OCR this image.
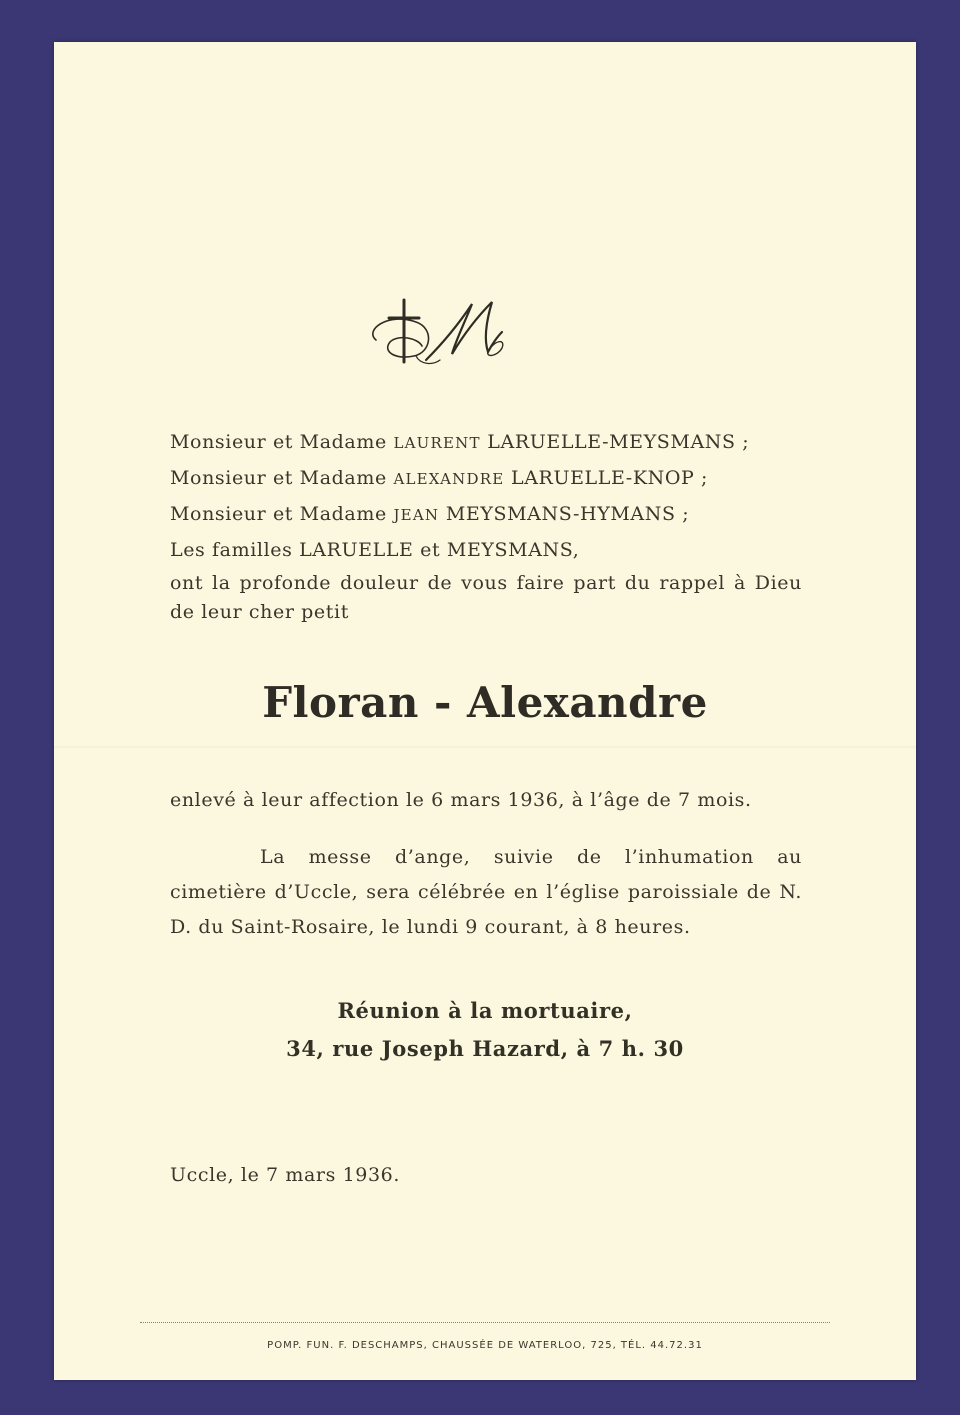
Monsieur et Madame LAURENT LARUELLE-MEYSMANS ;
Monsieur et Madame ALEXANDRE LARUELLE-KNOP ;
Monsieur et Madame JEAN MEYSMANS-HYMANS ;
Les familles LARUELLE et MEYSMANS,
ont la profonde douleur de vous faire part du rappel à Dieu de leur cher petit
Floran - Alexandre
enlevé à leur affection le 6 mars 1936, à l’âge de 7 mois.
La messe d’ange, suivie de l’inhumation au cimetière d’Uccle, sera célébrée en l’église paroissiale de N. D. du Saint-Rosaire, le lundi 9 courant, à 8 heures.
Réunion à la mortuaire,
34, rue Joseph Hazard, à 7 h. 30
Uccle, le 7 mars 1936.
POMP. FUN. F. DESCHAMPS, CHAUSSÉE DE WATERLOO, 725, TÉL. 44.72.31
